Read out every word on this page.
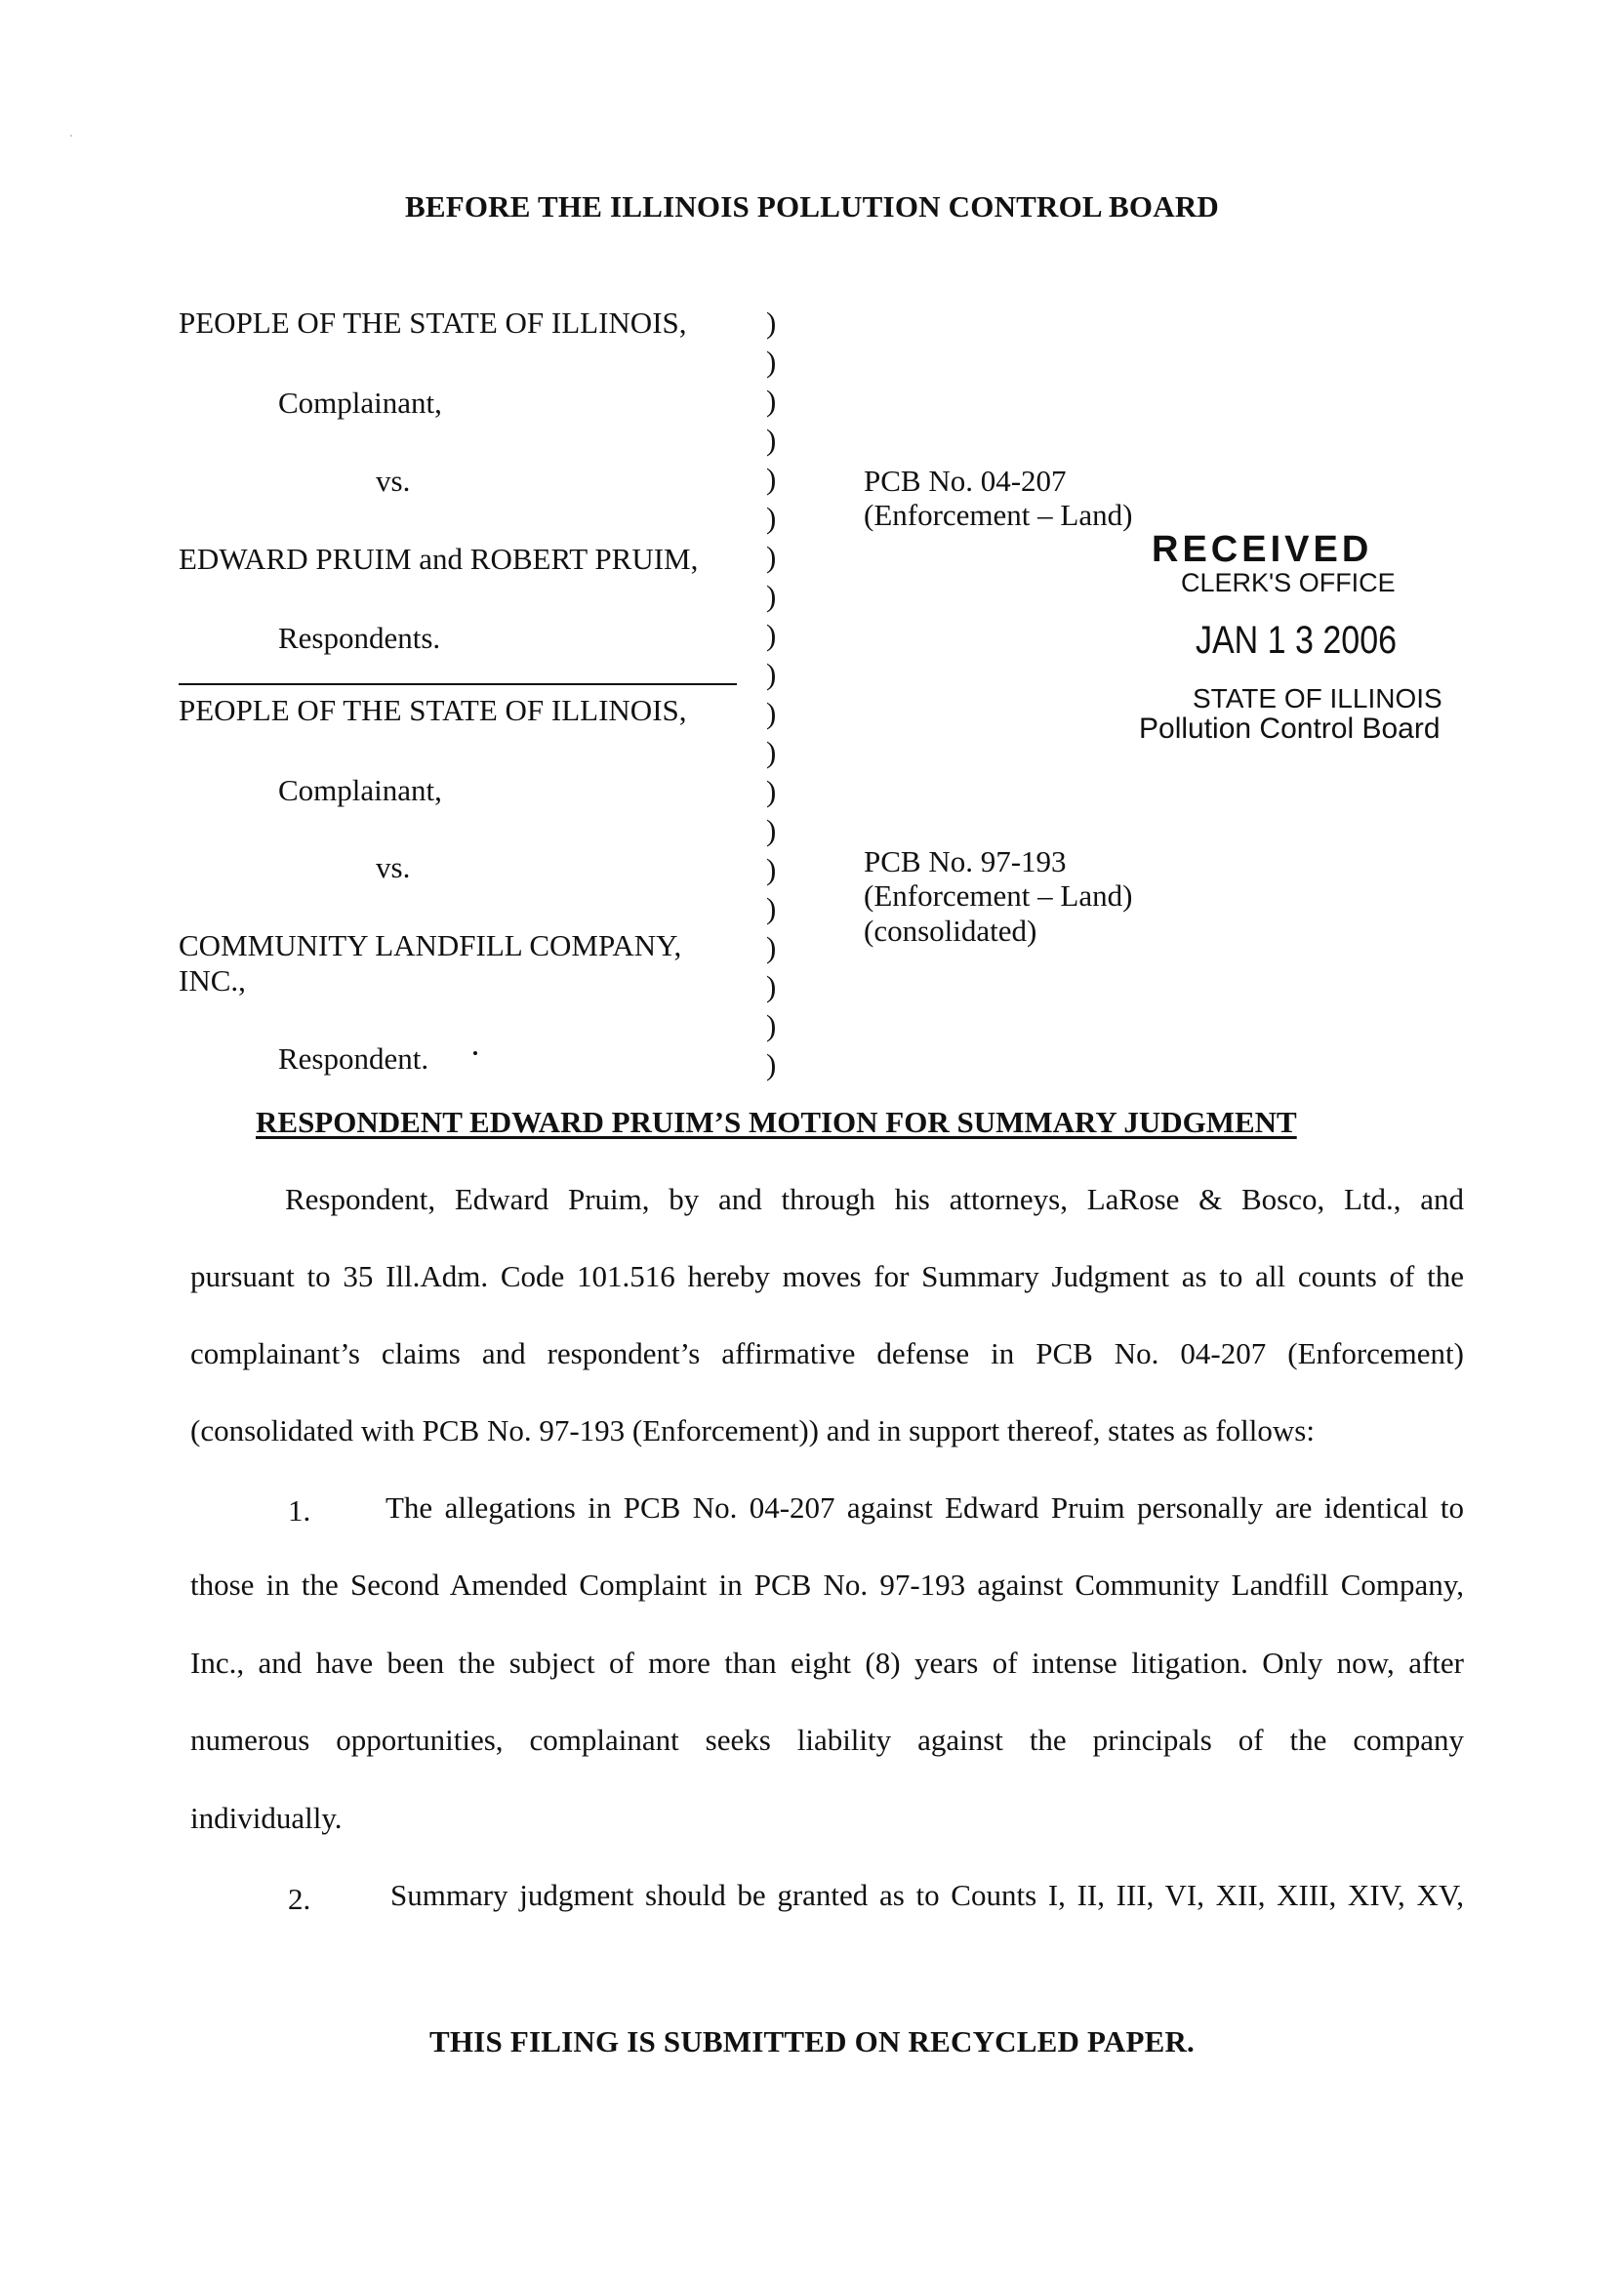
BEFORE THE ILLINOIS POLLUTION CONTROL BOARD
PEOPLE OF THE STATE OF ILLINOIS,
Complainant,
vs.
EDWARD PRUIM and ROBERT PRUIM,
Respondents.
PEOPLE OF THE STATE OF ILLINOIS,
Complainant,
vs.
COMMUNITY LANDFILL COMPANY,
INC.,
Respondent.
)
)
)
)
)
)
)
)
)
)
)
)
)
)
)
)
)
)
)
)
PCB No. 04-207
(Enforcement – Land)
PCB No. 97-193
(Enforcement – Land)
(consolidated)
RECEIVED
CLERK'S OFFICE
JAN 1 3 2006
STATE OF ILLINOIS
Pollution Control Board
RESPONDENT EDWARD PRUIM’S MOTION FOR SUMMARY JUDGMENT
Respondent, Edward Pruim, by and through his attorneys, LaRose & Bosco, Ltd., and
pursuant to 35 Ill.Adm. Code 101.516 hereby moves for Summary Judgment as to all counts of the
complainant’s claims and respondent’s affirmative defense in PCB No. 04-207 (Enforcement)
(consolidated with PCB No. 97-193 (Enforcement)) and in support thereof, states as follows:
1. The allegations in PCB No. 04-207 against Edward Pruim personally are identical to
those in the Second Amended Complaint in PCB No. 97-193 against Community Landfill Company,
Inc., and have been the subject of more than eight (8) years of intense litigation. Only now, after
numerous opportunities, complainant seeks liability against the principals of the company
individually.
2.	Summary judgment should be granted as to Counts I, II, III, VI, XII, XIII, XIV, XV,
THIS FILING IS SUBMITTED ON RECYCLED PAPER.
